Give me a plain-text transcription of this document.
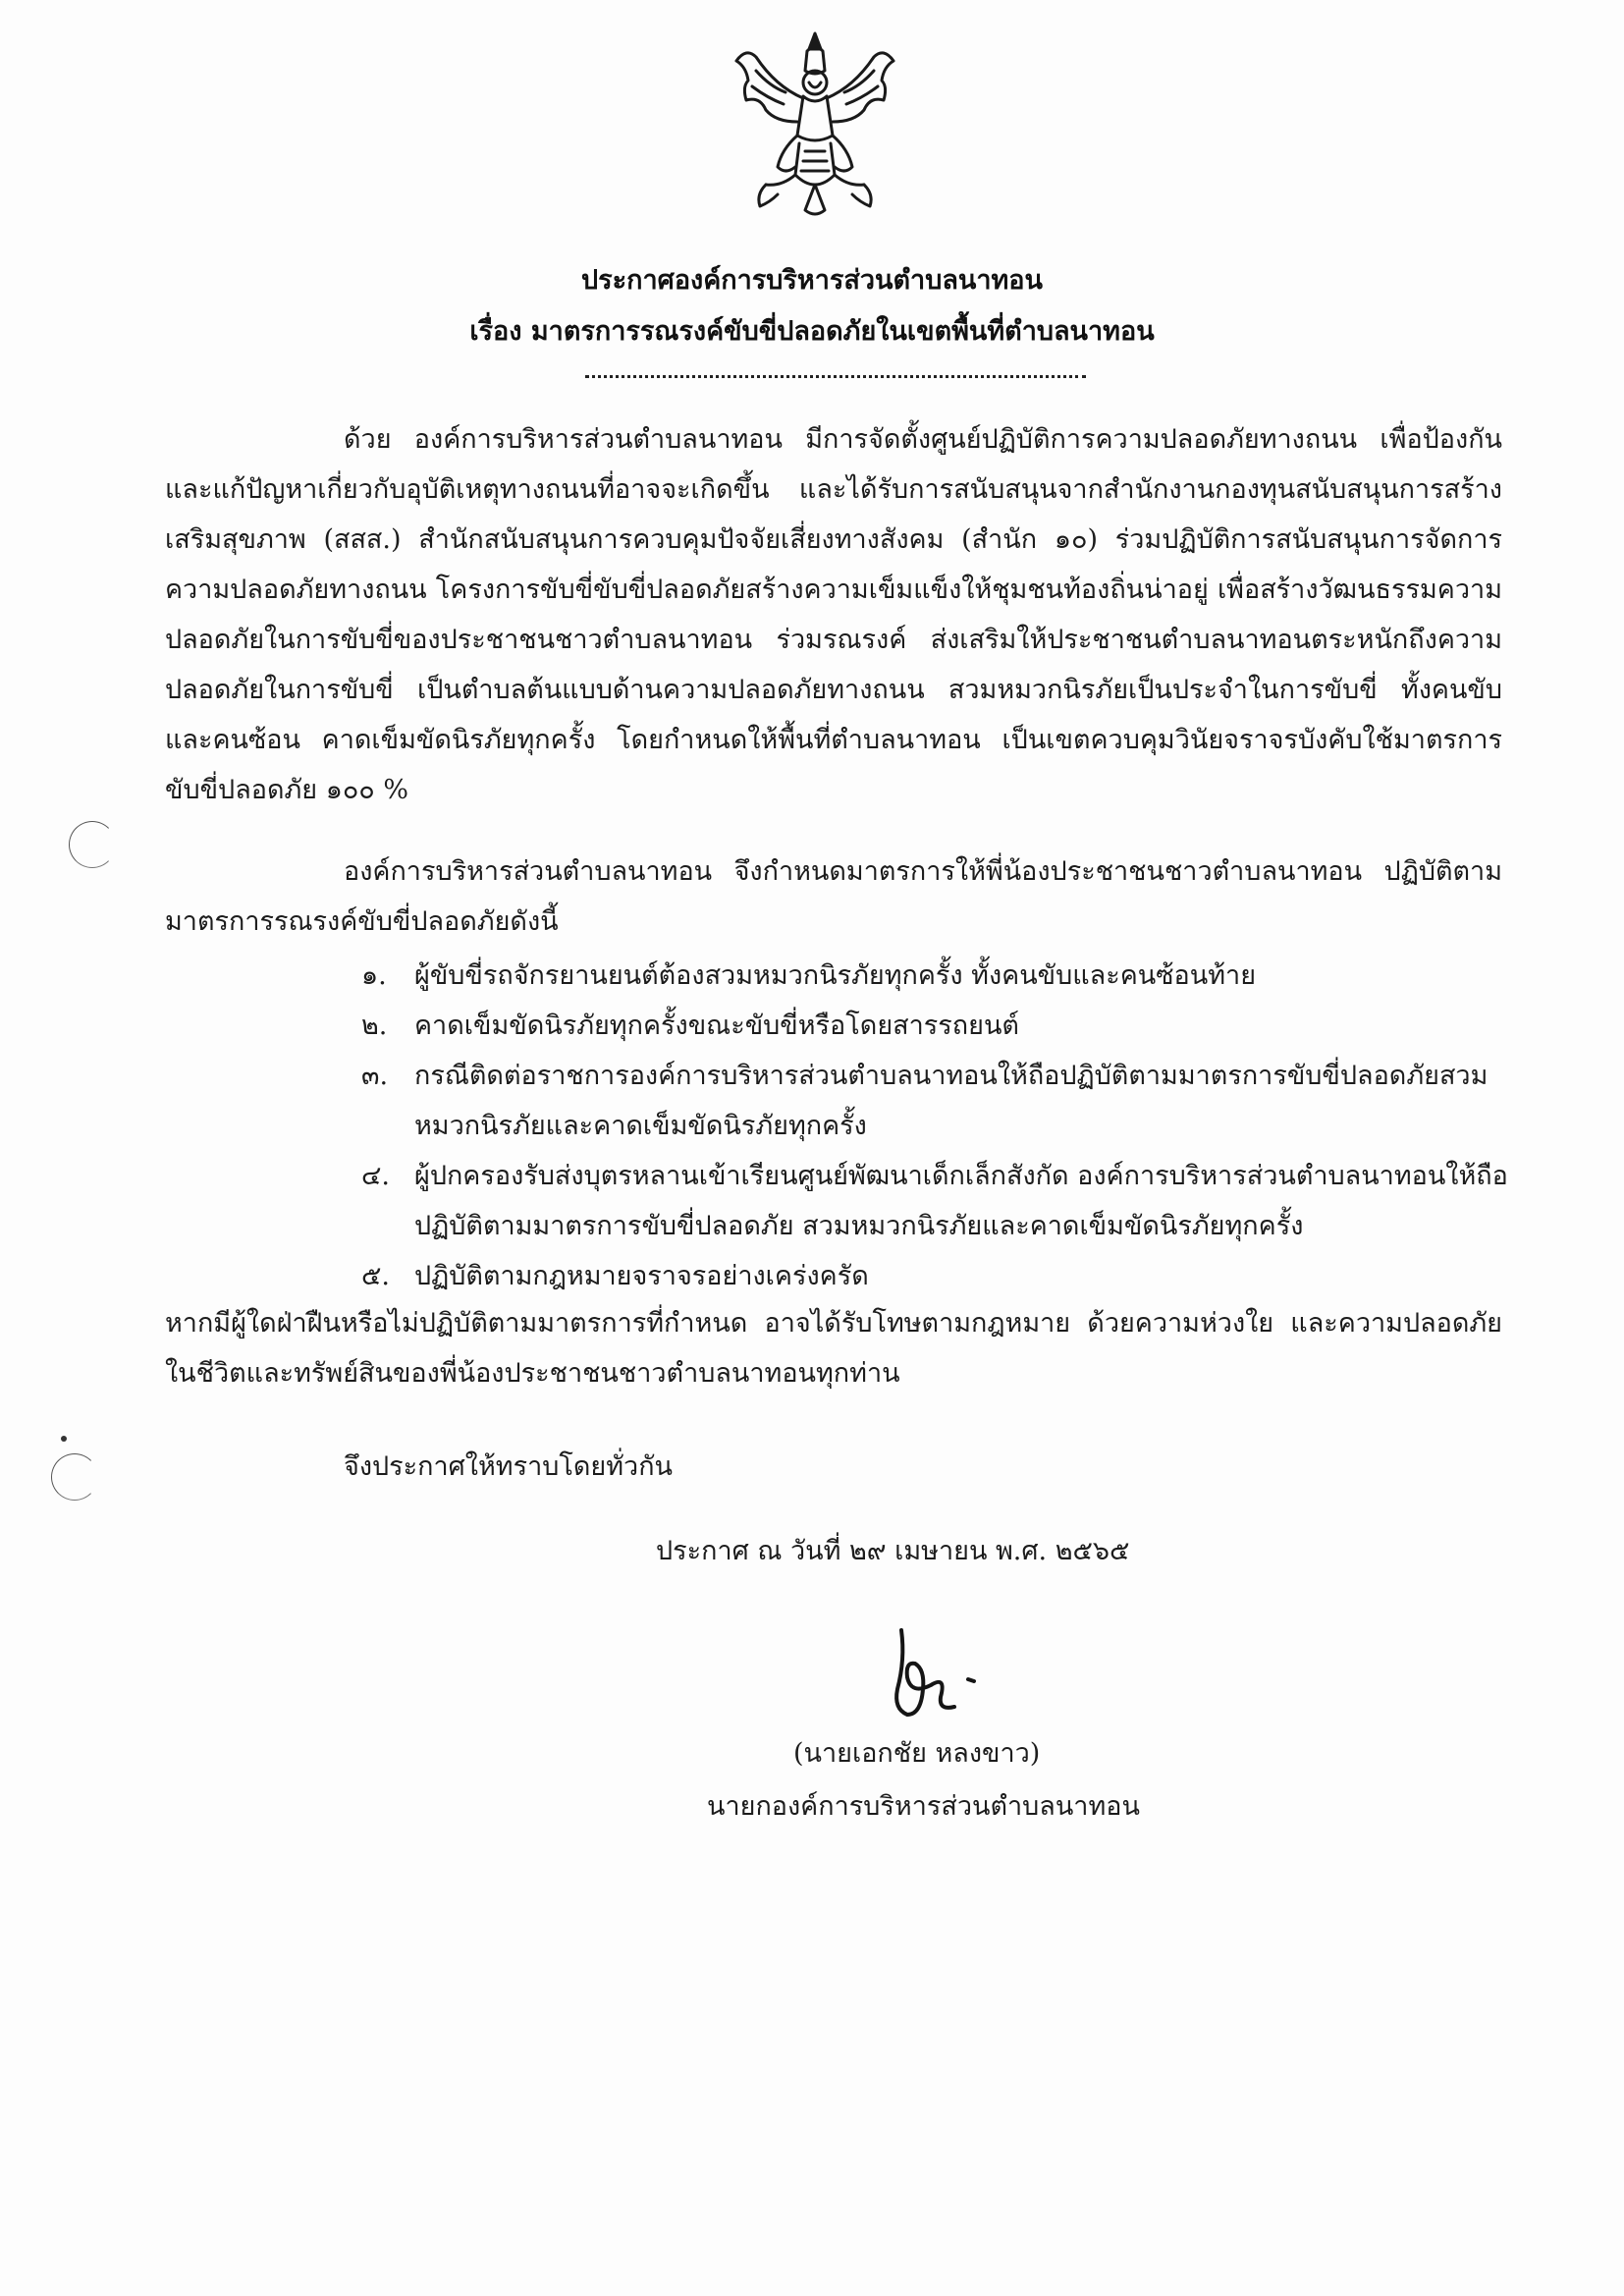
ประกาศองค์การบริหารส่วนตำบลนาทอน
เรื่อง มาตรการรณรงค์ขับขี่ปลอดภัยในเขตพื้นที่ตำบลนาทอน

ด้วย องค์การบริหารส่วนตำบลนาทอน มีการจัดตั้งศูนย์ปฏิบัติการความปลอดภัยทางถนน เพื่อป้องกันและแก้ปัญหาเกี่ยวกับอุบัติเหตุทางถนนที่อาจจะเกิดขึ้น และได้รับการสนับสนุนจากสำนักงานกองทุนสนับสนุนการสร้างเสริมสุขภาพ (สสส.) สำนักสนับสนุนการควบคุมปัจจัยเสี่ยงทางสังคม (สำนัก ๑๐) ร่วมปฏิบัติการสนับสนุนการจัดการความปลอดภัยทางถนน โครงการขับขี่ขับขี่ปลอดภัยสร้างความเข็มแข็งให้ชุมชนท้องถิ่นน่าอยู่ เพื่อสร้างวัฒนธรรมความปลอดภัยในการขับขี่ของประชาชนชาวตำบลนาทอน ร่วมรณรงค์ ส่งเสริมให้ประชาชนตำบลนาทอนตระหนักถึงความปลอดภัยในการขับขี่ เป็นตำบลต้นแบบด้านความปลอดภัยทางถนน สวมหมวกนิรภัยเป็นประจำในการขับขี่ ทั้งคนขับและคนซ้อน คาดเข็มขัดนิรภัยทุกครั้ง โดยกำหนดให้พื้นที่ตำบลนาทอน เป็นเขตควบคุมวินัยจราจรบังคับใช้มาตรการขับขี่ปลอดภัย ๑๐๐ %

องค์การบริหารส่วนตำบลนาทอน จึงกำหนดมาตรการให้พี่น้องประชาชนชาวตำบลนาทอน ปฏิบัติตามมาตรการรณรงค์ขับขี่ปลอดภัยดังนี้

๑. ผู้ขับขี่รถจักรยานยนต์ต้องสวมหมวกนิรภัยทุกครั้ง ทั้งคนขับและคนซ้อนท้าย
๒. คาดเข็มขัดนิรภัยทุกครั้งขณะขับขี่หรือโดยสารรถยนต์
๓. กรณีติดต่อราชการองค์การบริหารส่วนตำบลนาทอนให้ถือปฏิบัติตามมาตรการขับขี่ปลอดภัยสวมหมวกนิรภัยและคาดเข็มขัดนิรภัยทุกครั้ง
๔. ผู้ปกครองรับส่งบุตรหลานเข้าเรียนศูนย์พัฒนาเด็กเล็กสังกัด องค์การบริหารส่วนตำบลนาทอนให้ถือปฏิบัติตามมาตรการขับขี่ปลอดภัย สวมหมวกนิรภัยและคาดเข็มขัดนิรภัยทุกครั้ง
๕. ปฏิบัติตามกฎหมายจราจรอย่างเคร่งครัด

หากมีผู้ใดฝ่าฝืนหรือไม่ปฏิบัติตามมาตรการที่กำหนด อาจได้รับโทษตามกฎหมาย ด้วยความห่วงใย และความปลอดภัยในชีวิตและทรัพย์สินของพี่น้องประชาชนชาวตำบลนาทอนทุกท่าน

จึงประกาศให้ทราบโดยทั่วกัน

ประกาศ ณ วันที่ ๒๙ เมษายน พ.ศ. ๒๕๖๕
(นายเอกชัย หลงขาว)
นายกองค์การบริหารส่วนตำบลนาทอน
